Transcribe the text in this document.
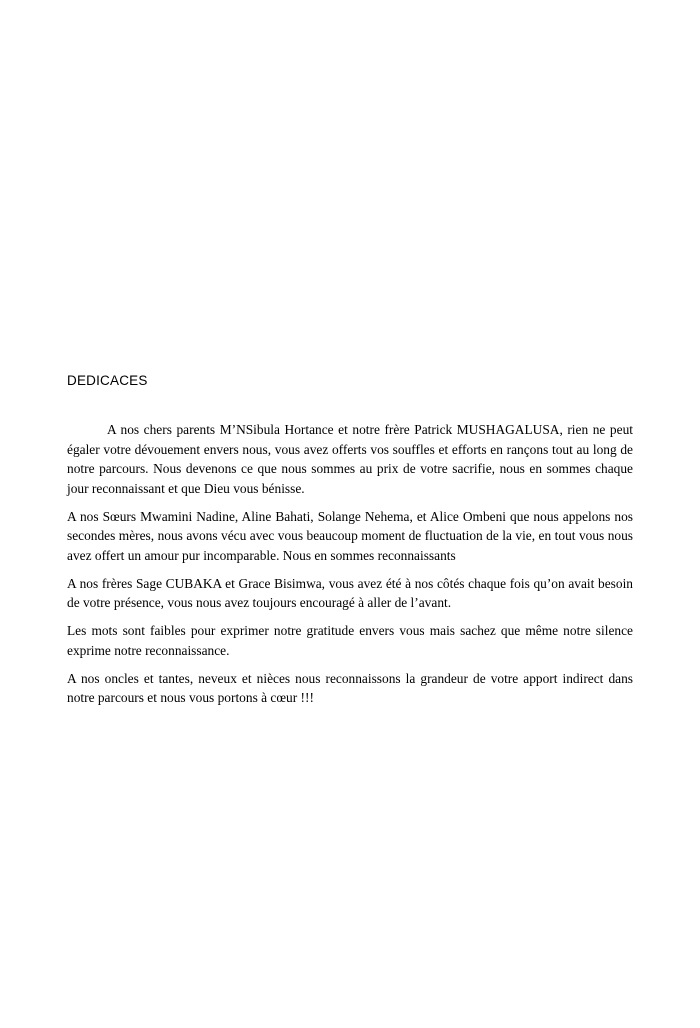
DEDICACES

A nos chers parents M’NSibula Hortance et notre frère Patrick MUSHAGALUSA, rien ne peut égaler votre dévouement envers nous, vous avez offerts vos souffles et efforts en rançons tout au long de notre parcours. Nous devenons ce que nous sommes au prix de votre sacrifie, nous en sommes chaque jour reconnaissant et que Dieu vous bénisse.

A nos Sœurs Mwamini Nadine, Aline Bahati, Solange Nehema, et Alice Ombeni que nous appelons nos secondes mères, nous avons vécu avec vous beaucoup moment de fluctuation de la vie, en tout vous nous avez offert un amour pur incomparable. Nous en sommes reconnaissants

A nos frères Sage CUBAKA et Grace Bisimwa, vous avez été à nos côtés chaque fois qu’on avait besoin de votre présence, vous nous avez toujours encouragé à aller de l’avant.

Les mots sont faibles pour exprimer notre gratitude envers vous mais sachez que même notre silence exprime notre reconnaissance.

A nos oncles et tantes, neveux et nièces nous reconnaissons la grandeur de votre apport indirect dans notre parcours et nous vous portons à cœur !!!
